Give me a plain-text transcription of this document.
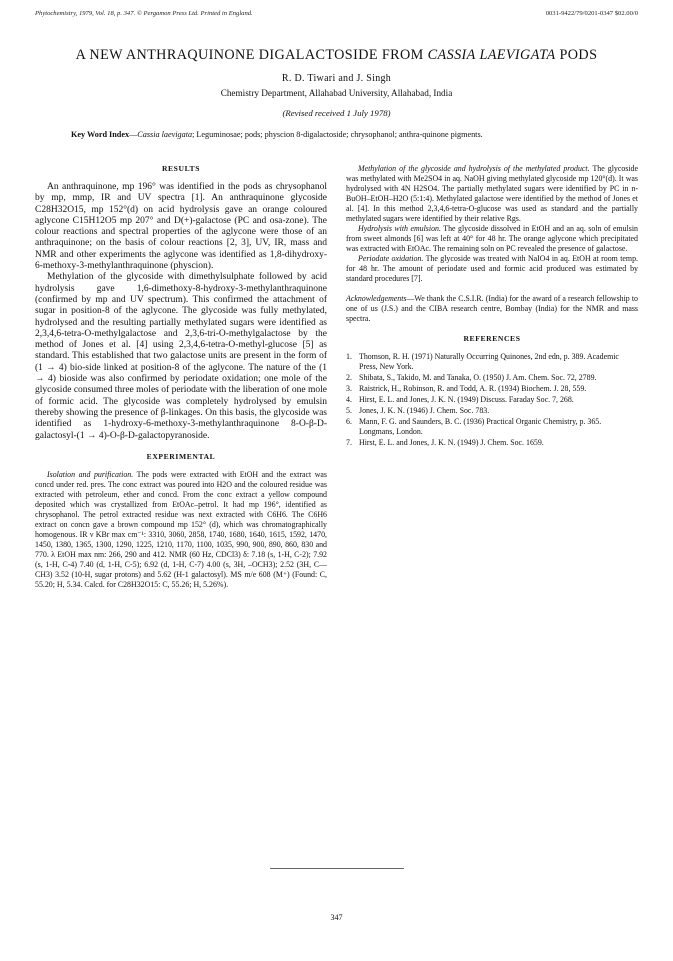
Phytochemistry, 1979, Vol. 18, p. 347. © Pergamon Press Ltd. Printed in England.	0031-9422/79/0201-0347 $02.00/0
A NEW ANTHRAQUINONE DIGALACTOSIDE FROM CASSIA LAEVIGATA PODS
R. D. Tiwari and J. Singh
Chemistry Department, Allahabad University, Allahabad, India
(Revised received 1 July 1978)
Key Word Index—Cassia laevigata; Leguminosae; pods; physcion 8-digalactoside; chrysophanol; anthra-quinone pigments.
RESULTS

An anthraquinone, mp 196° was identified in the pods as chrysophanol by mp, mmp, IR and UV spectra [1]. An anthraquinone glycoside C28H32O15, mp 152°(d) on acid hydrolysis gave an orange coloured aglycone C15H12O5 mp 207° and D(+)-galactose (PC and osa-zone). The colour reactions and spectral properties of the aglycone were those of an anthraquinone; on the basis of colour reactions [2, 3], UV, IR, mass and NMR and other experiments the aglycone was identified as 1,8-dihydroxy-6-methoxy-3-methylanthraquinone (physcion).

Methylation of the glycoside with dimethylsulphate followed by acid hydrolysis gave 1,6-dimethoxy-8-hydroxy-3-methylanthraquinone (confirmed by mp and UV spectrum). This confirmed the attachment of sugar in position-8 of the aglycone. The glycoside was fully methylated, hydrolysed and the resulting partially methylated sugars were identified as 2,3,4,6-tetra-O-methylgalactose and 2,3,6-tri-O-methylgalactose by the method of Jones et al. [4] using 2,3,4,6-tetra-O-methyl-glucose [5] as standard. This established that two galactose units are present in the form of (1 → 4) bio-side linked at position-8 of the aglycone. The nature of the (1 → 4) bioside was also confirmed by periodate oxidation; one mole of the glycoside consumed three moles of periodate with the liberation of one mole of formic acid. The glycoside was completely hydrolysed by emulsin thereby showing the presence of β-linkages. On this basis, the glycoside was identified as 1-hydroxy-6-methoxy-3-methylanthraquinone 8-O-β-D-galactosyl-(1 → 4)-O-β-D-galactopyranoside.

EXPERIMENTAL

Isolation and purification. The pods were extracted with EtOH and the extract was concd under red. pres. The conc extract was poured into H2O and the coloured residue was extracted with petroleum, ether and concd. From the conc extract a yellow compound deposited which was crystallized from EtOAc–petrol. It had mp 196°, identified as chrysophanol. The petrol extracted residue was next extracted with C6H6. The C6H6 extract on concn gave a brown compound mp 152° (d), which was chromatographically homogenous. IR ν KBr max cm⁻¹: 3310, 3060, 2858, 1740, 1680, 1640, 1615, 1592, 1470, 1450, 1380, 1365, 1300, 1290, 1225, 1210, 1170, 1100, 1035, 990, 900, 890, 860, 830 and 770. λ EtOH max nm: 266, 290 and 412. NMR (60 Hz, CDCl3) δ: 7.18 (s, 1-H, C-2); 7.92 (s, 1-H, C-4) 7.40 (d, 1-H, C-5); 6.92 (d, 1-H, C-7) 4.00 (s, 3H, –OCH3); 2.52 (3H, C—CH3) 3.52 (10-H, sugar protons) and 5.62 (H-1 galactosyl). MS m/e 608 (M⁺) (Found: C, 55.20; H, 5.34. Calcd. for C28H32O15: C, 55.26; H, 5.26%).

Methylation of the glycoside and hydrolysis of the methylated product. The glycoside was methylated with Me2SO4 in aq. NaOH giving methylated glycoside mp 120°(d). It was hydrolysed with 4N H2SO4. The partially methylated sugars were identified by PC in n-BuOH–EtOH–H2O (5:1:4). Methylated galactose were identified by the method of Jones et al. [4]. In this method 2,3,4,6-tetra-O-glucose was used as standard and the partially methylated sugars were identified by their relative Rgs.

Hydrolysis with emulsion. The glycoside dissolved in EtOH and an aq. soln of emulsin from sweet almonds [6] was left at 40° for 48 hr. The orange aglycone which precipitated was extracted with EtOAc. The remaining soln on PC revealed the presence of galactose.

Periodate oxidation. The glycoside was treated with NaIO4 in aq. EtOH at room temp. for 48 hr. The amount of periodate used and formic acid produced was estimated by standard procedures [7].

Acknowledgements—We thank the C.S.I.R. (India) for the award of a research fellowship to one of us (J.S.) and the CIBA research centre, Bombay (India) for the NMR and mass spectra.

REFERENCES
1. Thomson, R. H. (1971) Naturally Occurring Quinones, 2nd edn, p. 389. Academic Press, New York.
2. Shibata, S., Takido, M. and Tanaka, O. (1950) J. Am. Chem. Soc. 72, 2789.
3. Raistrick, H., Robinson, R. and Todd, A. R. (1934) Biochem. J. 28, 559.
4. Hirst, E. L. and Jones, J. K. N. (1949) Discuss. Faraday Soc. 7, 268.
5. Jones, J. K. N. (1946) J. Chem. Soc. 783.
6. Mann, F. G. and Saunders, B. C. (1936) Practical Organic Chemistry, p. 365. Longmans, London.
7. Hirst, E. L. and Jones, J. K. N. (1949) J. Chem. Soc. 1659.
347
